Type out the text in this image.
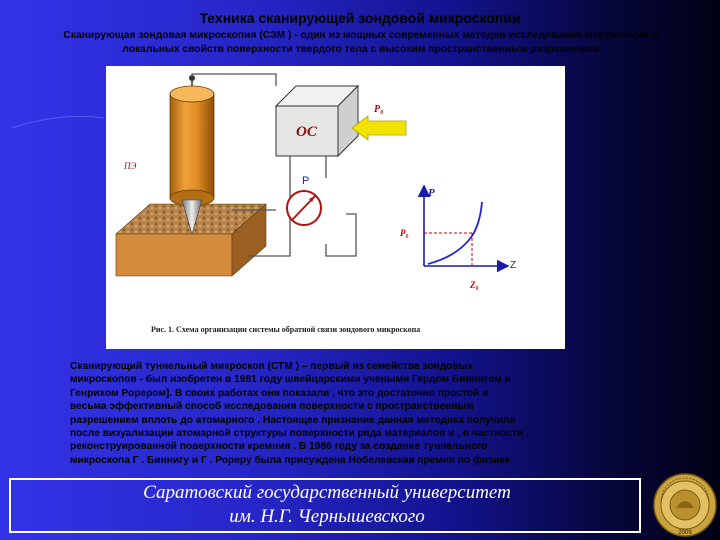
Техника сканирующей зондовой микроскопии
Сканирующая зондовая микроскопия (СЗМ ) - один из мощных современных методов исследования морфологии и
локальных свойств поверхности твердого тела с высоким пространственным разрешением
ПЭ
ОС
P₀
P
P
Z
P₀
Z₀
Рис. 1. Схема организации системы обратной связи зондового микроскопа
Сканирующий туннельный микроскоп (СТМ ) – первый из семейства зондовых
микроскопов - был изобретен в 1981 году швейцарскими учеными Гердом Биннигом и
Генрихом Рорером]. В своих работах они показали , что это достаточно простой и
весьма эффективный способ исследования поверхности с пространственным
разрешением вплоть до атомарного . Настоящее признание данная методика получила
после визуализации атомарной структуры поверхности ряда материалов и , в частности ,
реконструированной поверхности кремния . В 1986 году за создание туннельного
микроскопа Г . Биннигу и Г . Рореру была присуждена Нобелевская премия по физике
Саратовский государственный университет
им. Н.Г. Чернышевского
2009
